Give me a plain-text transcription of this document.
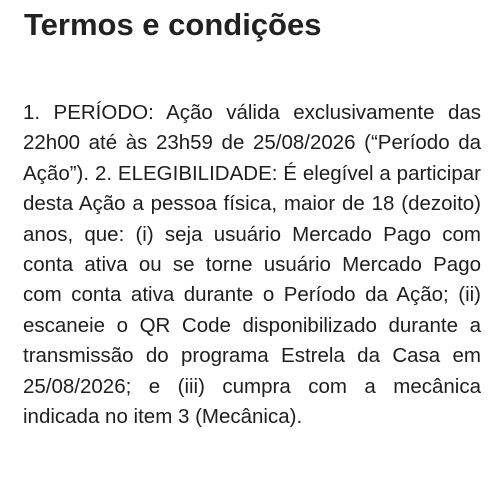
Termos e condições

1. PERÍODO: Ação válida exclusivamente das 22h00 até às 23h59 de 25/08/2026 (“Período da Ação”). 2. ELEGIBILIDADE: É elegível a participar desta Ação a pessoa física, maior de 18 (dezoito) anos, que: (i) seja usuário Mercado Pago com conta ativa ou se torne usuário Mercado Pago com conta ativa durante o Período da Ação; (ii) escaneie o QR Code disponibilizado durante a transmissão do programa Estrela da Casa em 25/08/2026; e (iii) cumpra com a mecânica indicada no item 3 (Mecânica).
